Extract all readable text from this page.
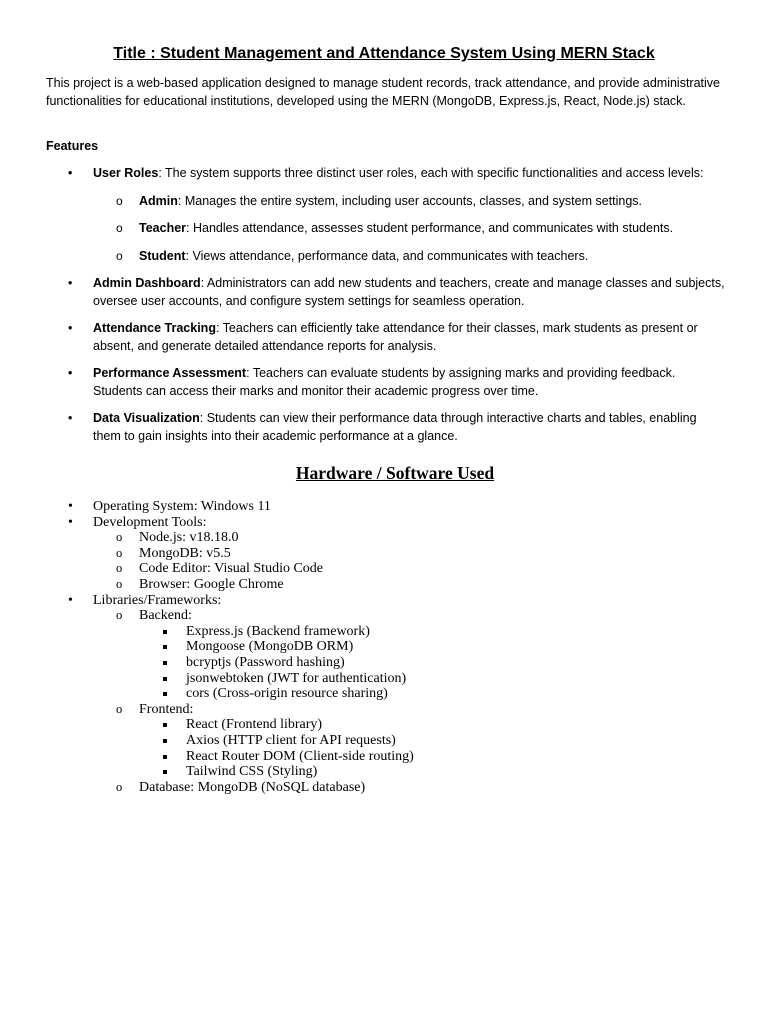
Title : Student Management and Attendance System Using MERN Stack
This project is a web-based application designed to manage student records, track attendance, and provide administrative functionalities for educational institutions, developed using the MERN (MongoDB, Express.js, React, Node.js) stack.
Features
• User Roles: The system supports three distinct user roles, each with specific functionalities and access levels:
o Admin: Manages the entire system, including user accounts, classes, and system settings.
o Teacher: Handles attendance, assesses student performance, and communicates with students.
o Student: Views attendance, performance data, and communicates with teachers.
• Admin Dashboard: Administrators can add new students and teachers, create and manage classes and subjects, oversee user accounts, and configure system settings for seamless operation.
• Attendance Tracking: Teachers can efficiently take attendance for their classes, mark students as present or absent, and generate detailed attendance reports for analysis.
• Performance Assessment: Teachers can evaluate students by assigning marks and providing feedback. Students can access their marks and monitor their academic progress over time.
• Data Visualization: Students can view their performance data through interactive charts and tables, enabling them to gain insights into their academic performance at a glance.
Hardware / Software Used
• Operating System: Windows 11
• Development Tools:
o Node.js: v18.18.0
o MongoDB: v5.5
o Code Editor: Visual Studio Code
o Browser: Google Chrome
• Libraries/Frameworks:
o Backend:
Express.js (Backend framework)
Mongoose (MongoDB ORM)
bcryptjs (Password hashing)
jsonwebtoken (JWT for authentication)
cors (Cross-origin resource sharing)
o Frontend:
React (Frontend library)
Axios (HTTP client for API requests)
React Router DOM (Client-side routing)
Tailwind CSS (Styling)
o Database: MongoDB (NoSQL database)
